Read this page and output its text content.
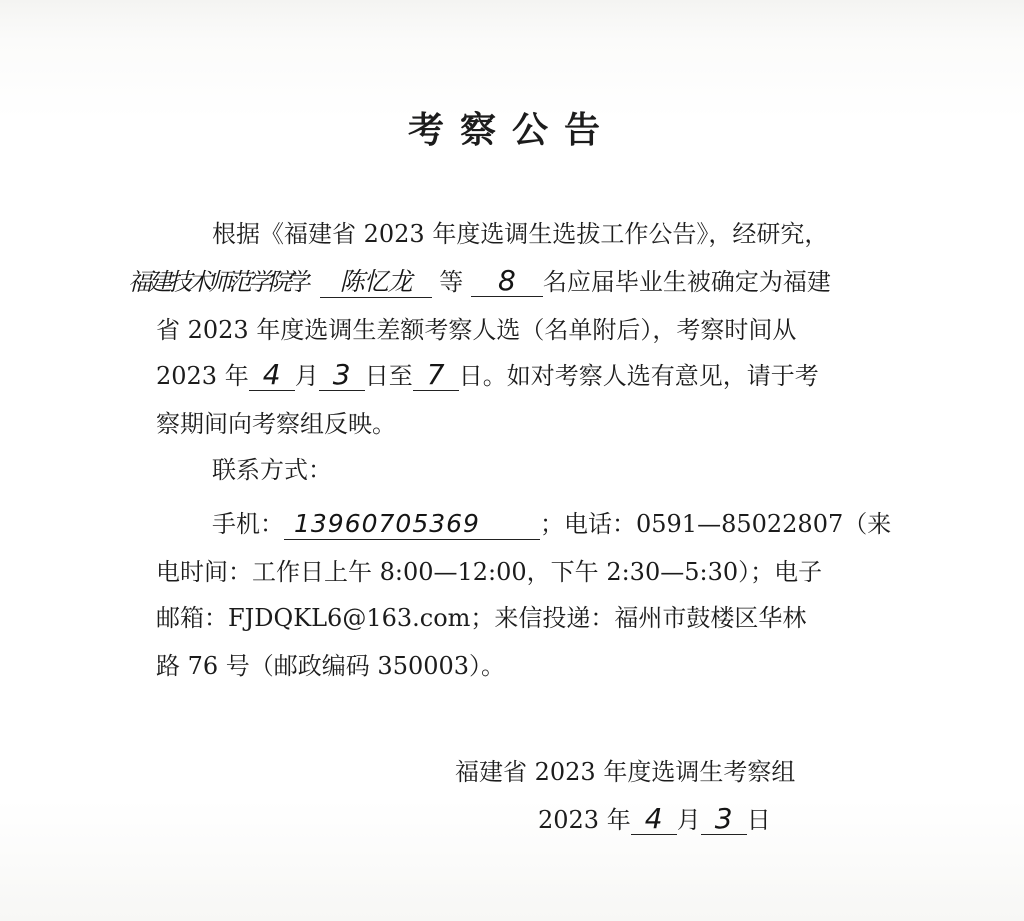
考察公告
根据《福建省 2023 年度选调生选拔工作公告》，经研究，
福建技术师范学院学 陈忆龙 等 8 名应届毕业生被确定为福建
省 2023 年度选调生差额考察人选（名单附后），考察时间从
2023 年 4 月 3 日至 7 日。如对考察人选有意见，请于考
察期间向考察组反映。
联系方式：
手机： 13960705369	；电话：0591—85022807（来
电时间：工作日上午 8:00—12:00，下午 2:30—5:30）；电子
邮箱：FJDQKL6@163.com；来信投递：福州市鼓楼区华林
路 76 号（邮政编码 350003）。
福建省 2023 年度选调生考察组
2023 年 4 月 3 日
